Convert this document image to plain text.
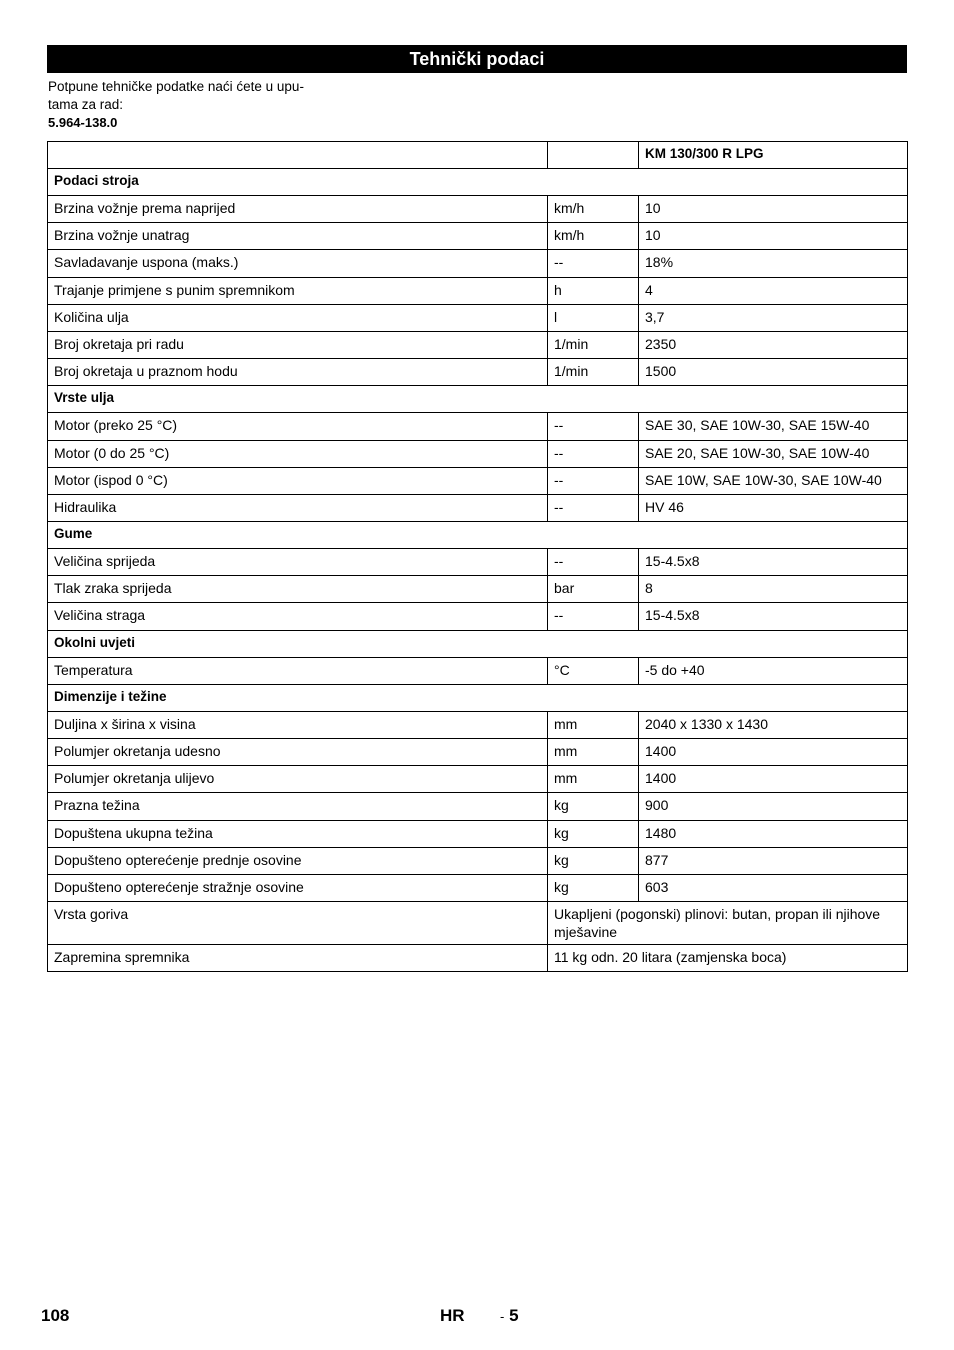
Tehnički podaci
Potpune tehničke podatke naći ćete u upu-
tama za rad:
5.964-138.0
		KM 130/300 R LPG
Podaci stroja		
Brzina vožnje prema naprijed	km/h	10
Brzina vožnje unatrag	km/h	10
Savladavanje uspona (maks.)	--	18%
Trajanje primjene s punim spremnikom	h	4
Količina ulja	l	3,7
Broj okretaja pri radu	1/min	2350
Broj okretaja u praznom hodu	1/min	1500
Vrste ulja		
Motor (preko 25 °C)	--	SAE 30, SAE 10W-30, SAE 15W-40
Motor (0 do 25 °C)	--	SAE 20, SAE 10W-30, SAE 10W-40
Motor (ispod 0 °C)	--	SAE 10W, SAE 10W-30, SAE 10W-40
Hidraulika	--	HV 46
Gume		
Veličina sprijeda	--	15-4.5x8
Tlak zraka sprijeda	bar	8
Veličina straga	--	15-4.5x8
Okolni uvjeti		
Temperatura	°C	-5 do +40
Dimenzije i težine		
Duljina x širina x visina	mm	2040 x 1330 x 1430
Polumjer okretanja udesno	mm	1400
Polumjer okretanja ulijevo	mm	1400
Prazna težina	kg	900
Dopuštena ukupna težina	kg	1480
Dopušteno opterećenje prednje osovine	kg	877
Dopušteno opterećenje stražnje osovine	kg	603
Vrsta goriva	Ukapljeni (pogonski) plinovi: butan, propan ili njihove mješavine	
Zapremina spremnika	11 kg odn. 20 litara (zamjenska boca)	
108	HR	- 5
